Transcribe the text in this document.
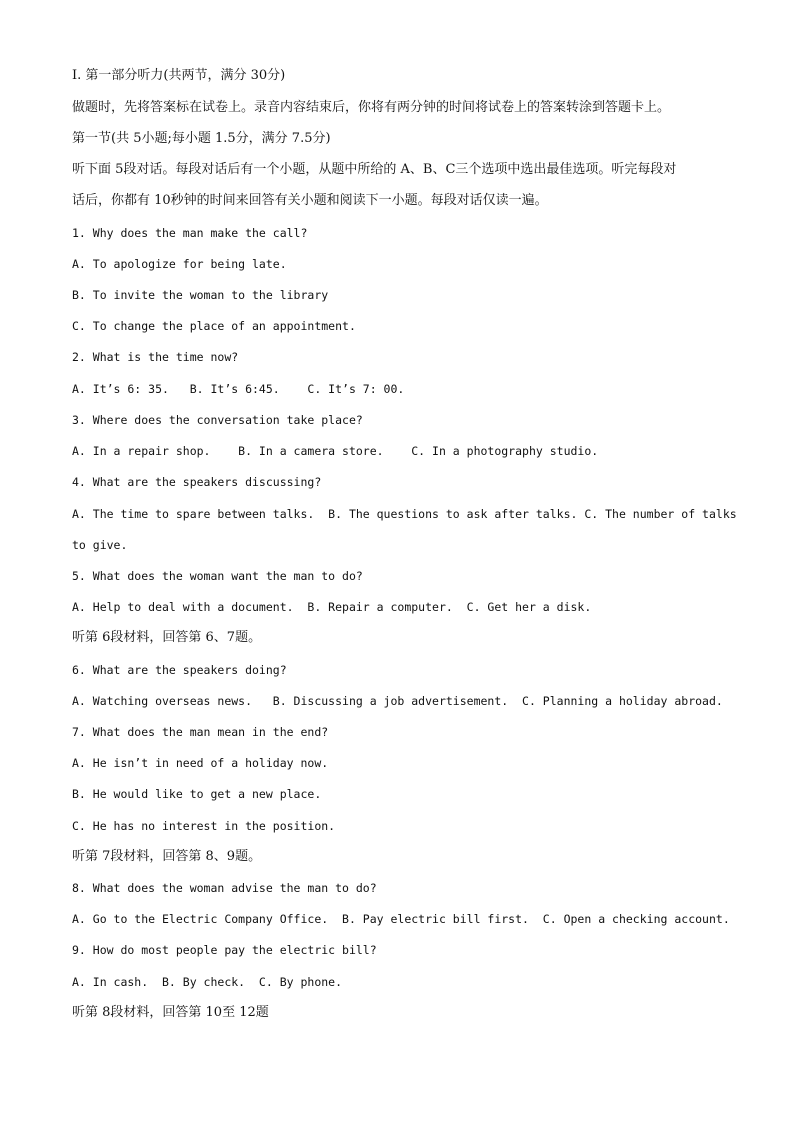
I. 第一部分听力(共两节，满分 30分)
做题时，先将答案标在试卷上。录音内容结束后，你将有两分钟的时间将试卷上的答案转涂到答题卡上。
第一节(共 5小题;每小题 1.5分，满分 7.5分)
听下面 5段对话。每段对话后有一个小题，从题中所给的 A、B、C三个选项中选出最佳选项。听完每段对
话后，你都有 10秒钟的时间来回答有关小题和阅读下一小题。每段对话仅读一遍。
1. Why does the man make the call?
A. To apologize for being late.
B. To invite the woman to the library
C. To change the place of an appointment.
2. What is the time now?
A. It’s 6: 35.   B. It’s 6:45.    C. It’s 7: 00.
3. Where does the conversation take place?
A. In a repair shop.    B. In a camera store.    C. In a photography studio.
4. What are the speakers discussing?
A. The time to spare between talks.  B. The questions to ask after talks. C. The number of talks
to give.
5. What does the woman want the man to do?
A. Help to deal with a document.  B. Repair a computer.  C. Get her a disk.
听第 6段材料，回答第 6、7题。
6. What are the speakers doing?
A. Watching overseas news.   B. Discussing a job advertisement.  C. Planning a holiday abroad.
7. What does the man mean in the end?
A. He isn’t in need of a holiday now.
B. He would like to get a new place.
C. He has no interest in the position.
听第 7段材料，回答第 8、9题。
8. What does the woman advise the man to do?
A. Go to the Electric Company Office.  B. Pay electric bill first.  C. Open a checking account.
9. How do most people pay the electric bill?
A. In cash.  B. By check.  C. By phone.
听第 8段材料，回答第 10至 12题
